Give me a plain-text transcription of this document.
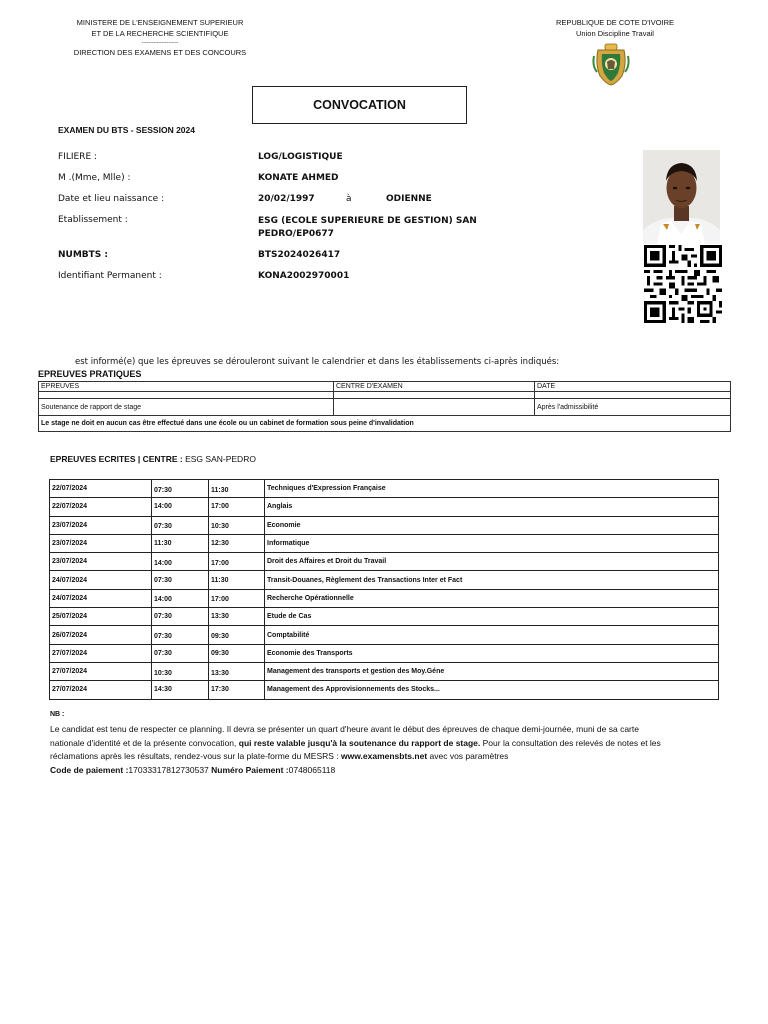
MINISTERE DE L'ENSEIGNEMENT SUPERIEUR
ET DE LA RECHERCHE SCIENTIFIQUE
----------------------
DIRECTION DES EXAMENS ET DES CONCOURS
REPUBLIQUE DE COTE D'IVOIRE
Union Discipline Travail
CONVOCATION
EXAMEN DU BTS - SESSION 2024
FILIERE :	LOG/LOGISTIQUE
M .(Mme, Mlle) :	KONATE AHMED
Date et lieu naissance :	20/02/1997	à	ODIENNE
Etablissement :	ESG (ECOLE SUPERIEURE DE GESTION) SAN
PEDRO/EP0677
NUMBTS :	BTS2024026417
Identifiant Permanent :	KONA2002970001
est informé(e) que les épreuves se dérouleront suivant le calendrier et dans les établissements ci-après indiqués:
EPREUVES PRATIQUES
EPREUVES	CENTRE D'EXAMEN	DATE

Soutenance de rapport de stage		Après l'admissibilité
Le stage ne doit en aucun cas être effectué dans une école ou un cabinet de formation sous peine d'invalidation		
EPREUVES ECRITES | CENTRE : ESG SAN-PEDRO
22/07/2024	07:30	11:30	Techniques d'Expression Française
22/07/2024	14:00	17:00	Anglais
23/07/2024	07:30	10:30	Economie
23/07/2024	11:30	12:30	Informatique
23/07/2024	14:00	17:00	Droit des Affaires et Droit du Travail
24/07/2024	07:30	11:30	Transit-Douanes, Règlement des Transactions Inter et Fact
24/07/2024	14:00	17:00	Recherche Opérationnelle
25/07/2024	07:30	13:30	Etude de Cas
26/07/2024	07:30	09:30	Comptabilité
27/07/2024	07:30	09:30	Economie des Transports
27/07/2024	10:30	13:30	Management des transports et gestion des Moy.Géne
27/07/2024	14:30	17:30	Management des Approvisionnements des Stocks...
NB :
Le candidat est tenu de respecter ce planning. Il devra se présenter un quart d'heure avant le début des épreuves de chaque demi-journée, muni de sa carte nationale d'identité et de la présente convocation, qui reste valable jusqu'à la soutenance du rapport de stage. Pour la consultation des relevés de notes et les réclamations après les résultats, rendez-vous sur la plate-forme du MESRS : www.examensbts.net avec vos paramètres
Code de paiement :17033317812730537 Numéro Paiement :0748065118
